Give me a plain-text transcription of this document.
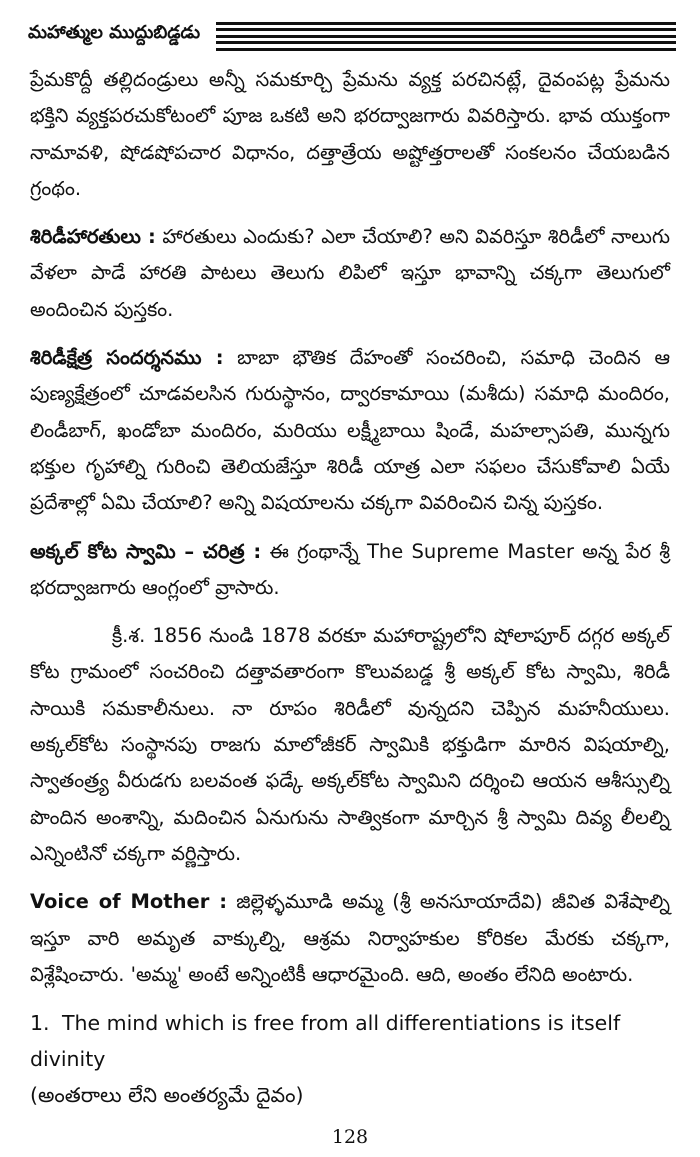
మహాత్ముల ముద్దుబిడ్డడు

ప్రేమకొద్దీ తల్లిదండ్రులు అన్నీ సమకూర్చి ప్రేమను వ్యక్త పరచినట్లే, దైవంపట్ల ప్రేమను భక్తిని వ్యక్తపరచుకోటంలో పూజ ఒకటి అని భరద్వాజగారు వివరిస్తారు. భావ యుక్తంగా నామావళి, షోడషోపచార విధానం, దత్తాత్రేయ అష్టోత్తరాలతో సంకలనం చేయబడిన గ్రంథం.

శిరిడీహారతులు : హారతులు ఎందుకు? ఎలా చేయాలి? అని వివరిస్తూ శిరిడీలో నాలుగు వేళలా పాడే హారతి పాటలు తెలుగు లిపిలో ఇస్తూ భావాన్ని చక్కగా తెలుగులో అందించిన పుస్తకం.

శిరిడీక్షేత్ర సందర్శనము : బాబా భౌతిక దేహంతో సంచరించి, సమాధి చెందిన ఆ పుణ్యక్షేత్రంలో చూడవలసిన గురుస్థానం, ద్వారకామాయి (మశీదు) సమాధి మందిరం, లిండీబాగ్, ఖండోబా మందిరం, మరియు లక్ష్మీబాయి షిండే, మహల్సాపతి, మున్నగు భక్తుల గృహాల్ని గురించి తెలియజేస్తూ శిరిడీ యాత్ర ఎలా సఫలం చేసుకోవాలి ఏయే ప్రదేశాల్లో ఏమి చేయాలి? అన్ని విషయాలను చక్కగా వివరించిన చిన్న పుస్తకం.

అక్కల్ కోట స్వామి – చరిత్ర : ఈ గ్రంథాన్నే The Supreme Master అన్న పేర శ్రీ భరద్వాజగారు ఆంగ్లంలో వ్రాసారు.

క్రీ.శ. 1856 నుండి 1878 వరకూ మహారాష్ట్రలోని షోలాపూర్ దగ్గర అక్కల్ కోట గ్రామంలో సంచరించి దత్తావతారంగా కొలువబడ్డ శ్రీ అక్కల్ కోట స్వామి, శిరిడీ సాయికి సమకాలీనులు. నా రూపం శిరిడీలో వున్నదని చెప్పిన మహనీయులు. అక్కల్‌కోట సంస్థానపు రాజగు మాలోజీకర్ స్వామికి భక్తుడిగా మారిన విషయాల్ని, స్వాతంత్ర్య వీరుడగు బలవంత ఫడ్కే అక్కల్‌కోట స్వామిని దర్శించి ఆయన ఆశీస్సుల్ని పొందిన అంశాన్ని, మదించిన ఏనుగును సాత్వికంగా మార్చిన శ్రీ స్వామి దివ్య లీలల్ని ఎన్నింటినో చక్కగా వర్ణిస్తారు.

Voice of Mother : జిల్లెళ్ళమూడి అమ్మ (శ్రీ అనసూయాదేవి) జీవిత విశేషాల్ని ఇస్తూ వారి అమృత వాక్కుల్ని, ఆశ్రమ నిర్వాహకుల కోరికల మేరకు చక్కగా, విశ్లేషించారు. 'అమ్మ' అంటే అన్నింటికీ ఆధారమైంది. ఆది, అంతం లేనిది అంటారు.

1. The mind which is free from all differentiations is itself divinity
(అంతరాలు లేని అంతర్యమే దైవం)
128
